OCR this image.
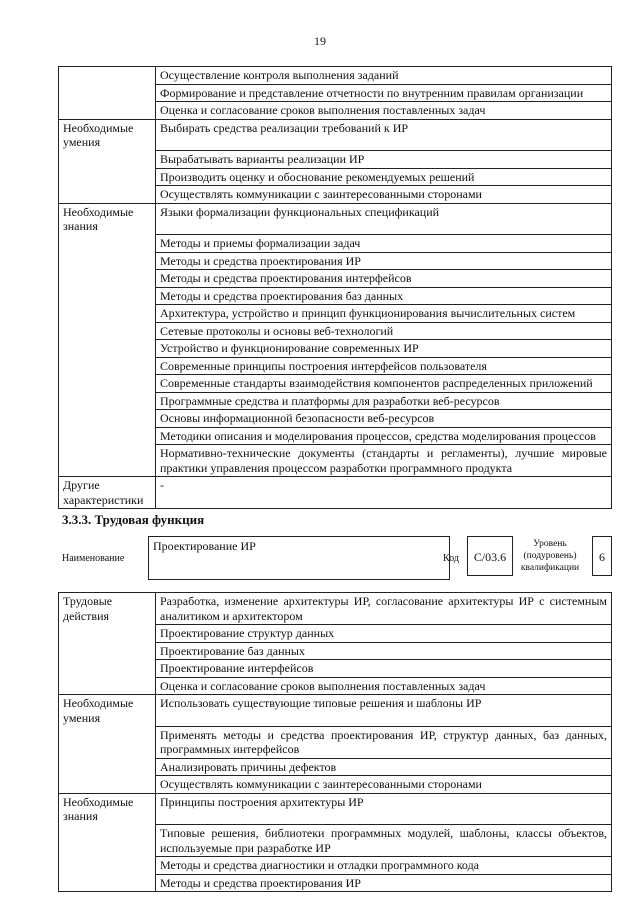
19
	Осуществление контроля выполнения заданий
	Формирование и представление отчетности по внутренним правилам организации
	Оценка и согласование сроков выполнения поставленных задач
Необходимые умения	Выбирать средства реализации требований к ИР
	Вырабатывать варианты реализации ИР
	Производить оценку и обоснование рекомендуемых решений
	Осуществлять коммуникации с заинтересованными сторонами
Необходимые знания	Языки формализации функциональных спецификаций
	Методы и приемы формализации задач
	Методы и средства проектирования ИР
	Методы и средства проектирования интерфейсов
	Методы и средства проектирования баз данных
	Архитектура, устройство и принцип функционирования вычислительных систем
	Сетевые протоколы и основы веб-технологий
	Устройство и функционирование современных ИР
	Современные принципы построения интерфейсов пользователя
	Современные стандарты взаимодействия компонентов распределенных приложений
	Программные средства и платформы для разработки веб-ресурсов
	Основы информационной безопасности веб-ресурсов
	Методики описания и моделирования процессов, средства моделирования процессов
	Нормативно-технические документы (стандарты и регламенты), лучшие мировые практики управления процессом разработки программного продукта
Другие характеристики	-
3.3.3. Трудовая функция
Наименование
Проектирование ИР
Код	C/03.6
Уровень (подуровень) квалификации
6
Трудовые действия	Разработка, изменение архитектуры ИР, согласование архитектуры ИР с системным аналитиком и архитектором
	Проектирование структур данных
	Проектирование баз данных
	Проектирование интерфейсов
	Оценка и согласование сроков выполнения поставленных задач
Необходимые умения	Использовать существующие типовые решения и шаблоны ИР
	Применять методы и средства проектирования ИР, структур данных, баз данных, программных интерфейсов
	Анализировать причины дефектов
	Осуществлять коммуникации с заинтересованными сторонами
Необходимые знания	Принципы построения архитектуры ИР
	Типовые решения, библиотеки программных модулей, шаблоны, классы объектов, используемые при разработке ИР
	Методы и средства диагностики и отладки программного кода
	Методы и средства проектирования ИР
